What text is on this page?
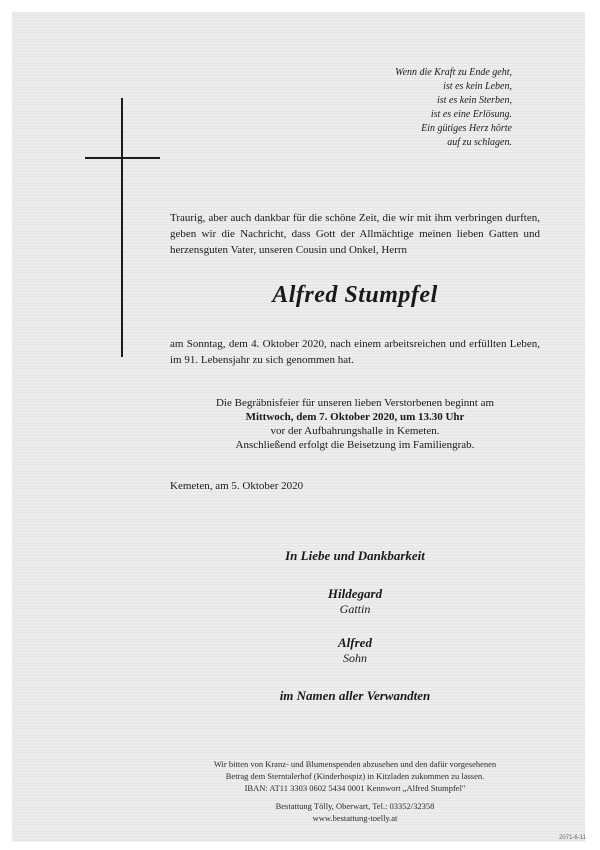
Wenn die Kraft zu Ende geht,
ist es kein Leben,
ist es kein Sterben,
ist es eine Erlösung.
Ein gütiges Herz hörte
auf zu schlagen.
Traurig, aber auch dankbar für die schöne Zeit, die wir mit ihm verbringen durften, geben wir die Nachricht, dass Gott der Allmächtige meinen lieben Gatten und herzensguten Vater, unseren Cousin und Onkel, Herrn
Alfred Stumpfel
am Sonntag, dem 4. Oktober 2020, nach einem arbeitsreichen und erfüllten Leben, im 91. Lebensjahr zu sich genommen hat.
Die Begräbnisfeier für unseren lieben Verstorbenen beginnt am
Mittwoch, dem 7. Oktober 2020, um 13.30 Uhr
vor der Aufbahrungshalle in Kemeten.
Anschließend erfolgt die Beisetzung im Familiengrab.
Kemeten, am 5. Oktober 2020
In Liebe und Dankbarkeit
Hildegard
Gattin
Alfred
Sohn
im Namen aller Verwandten
Wir bitten von Kranz- und Blumenspenden abzusehen und den dafür vorgesehenen
Betrag dem Sterntalerhof (Kinderhospiz) in Kitzladen zukommen zu lassen.
IBAN: AT11 3303 0602 5434 0001 Kennwort „Alfred Stumpfel"
Bestattung Tölly, Oberwart, Tel.: 03352/32358
www.bestattung-toelly.at
2071-6-11
